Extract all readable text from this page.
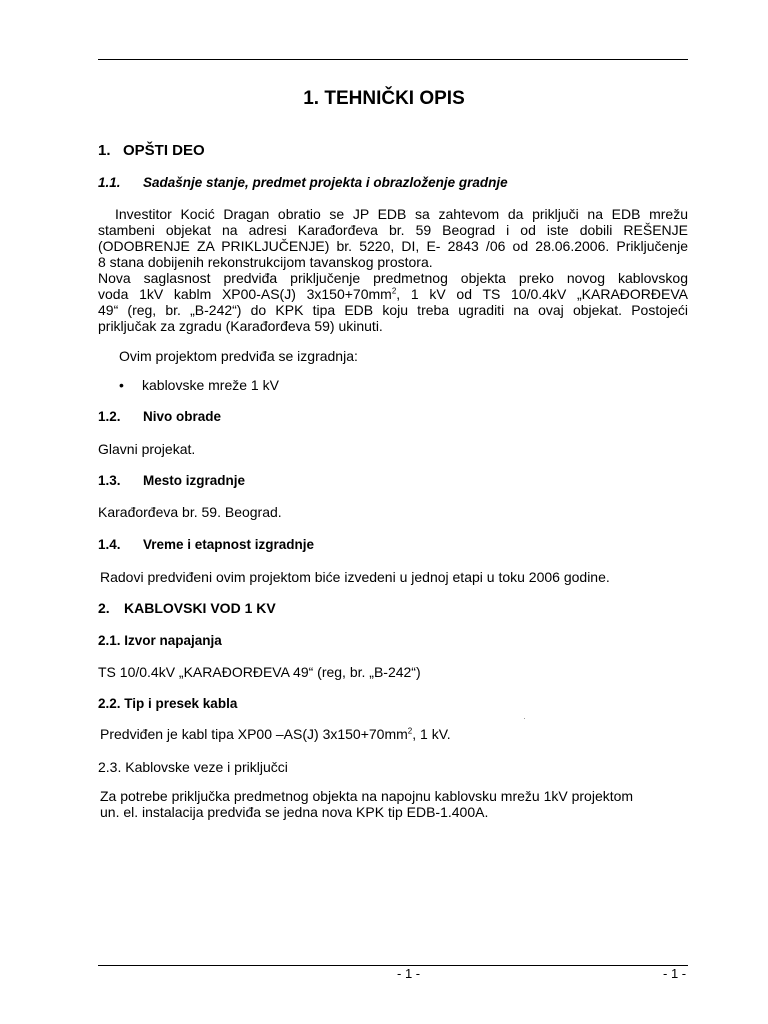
1. TEHNIČKI OPIS
1. OPŠTI DEO
1.1. Sadašnje stanje, predmet projekta i obrazloženje gradnje
Investitor Kocić Dragan obratio se JP EDB sa zahtevom da priključi na EDB mrežu
stambeni objekat na adresi Karađorđeva br. 59 Beograd i od iste dobili REŠENJE
(ODOBRENJE ZA PRIKLJUČENJE) br. 5220, DI, E- 2843 /06 od 28.06.2006. Priključenje
8 stana dobijenih rekonstrukcijom tavanskog prostora.
Nova saglasnost predviđa priključenje predmetnog objekta preko novog kablovskog
voda 1kV kablm XP00-AS(J) $3x150+70mm^2$, 1 kV od TS 10/0.4kV „KARAĐORĐEVA
49“ (reg, br. „B-242“) do KPK tipa EDB koju treba ugraditi na ovaj objekat. Postojeći
priključak za zgradu (Karađorđeva 59) ukinuti.
Ovim projektom predviđa se izgradnja:
• kablovske mreže 1 kV
1.2. Nivo obrade
Glavni projekat.
1.3. Mesto izgradnje
Karađorđeva br. 59. Beograd.
1.4. Vreme i etapnost izgradnje
Radovi predviđeni ovim projektom biće izvedeni u jednoj etapi u toku 2006 godine.
2. KABLOVSKI VOD 1 KV
2.1. Izvor napajanja
TS 10/0.4kV „KARAĐORĐEVA 49“ (reg, br. „B-242“)
2.2. Tip i presek kabla
Predviđen je kabl tipa XP00 –AS(J) $3x150+70mm^2$, 1 kV.
2.3. Kablovske veze i priključci
Za potrebe priključka predmetnog objekta na napojnu kablovsku mrežu 1kV projektom
un. el. instalacija predviđa se jedna nova KPK tip EDB-1.400A.
- 1 -	- 1 -
